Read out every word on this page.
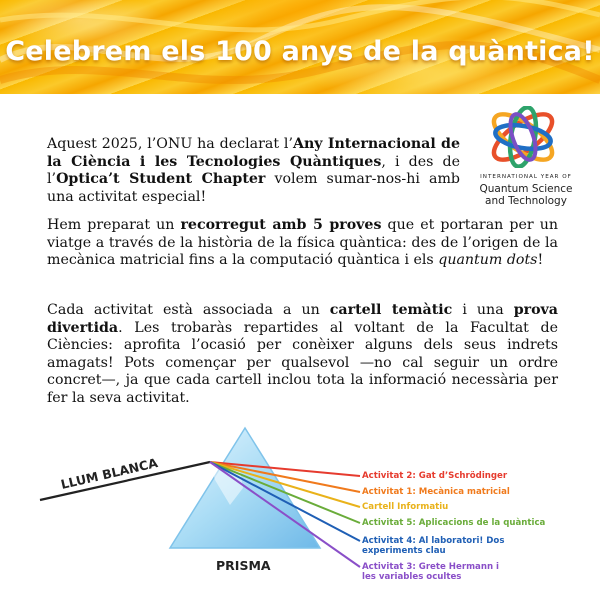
Celebrem els 100 anys de la quàntica!
INTERNATIONAL YEAR OF
Quantum Science
and Technology
Aquest 2025, l’ONU ha declarat l’Any Internacional de la Ciència i les Tecnologies Quàntiques, i des de l’Optica’t Student Chapter volem sumar-nos-hi amb una activitat especial!
Hem preparat un recorregut amb 5 proves que et portaran per un viatge a través de la història de la física quàntica: des de l’origen de la mecànica matricial fins a la computació quàntica i els quantum dots!
Cada activitat està associada a un cartell temàtic i una prova divertida. Les trobaràs repartides al voltant de la Facultat de Ciències: aprofita l’ocasió per conèixer alguns dels seus indrets amagats! Pots començar per qualsevol —no cal seguir un ordre concret—, ja que cada cartell inclou tota la informació necessària per fer la seva activitat.
LLUM BLANCA
PRISMA
Activitat 2: Gat d’Schrödinger
Activitat 1: Mecànica matricial
Cartell Informatiu
Activitat 5: Aplicacions de la quàntica
Activitat 4: Al laboratori! Dos experiments clau
Activitat 3: Grete Hermann i les variables ocultes
